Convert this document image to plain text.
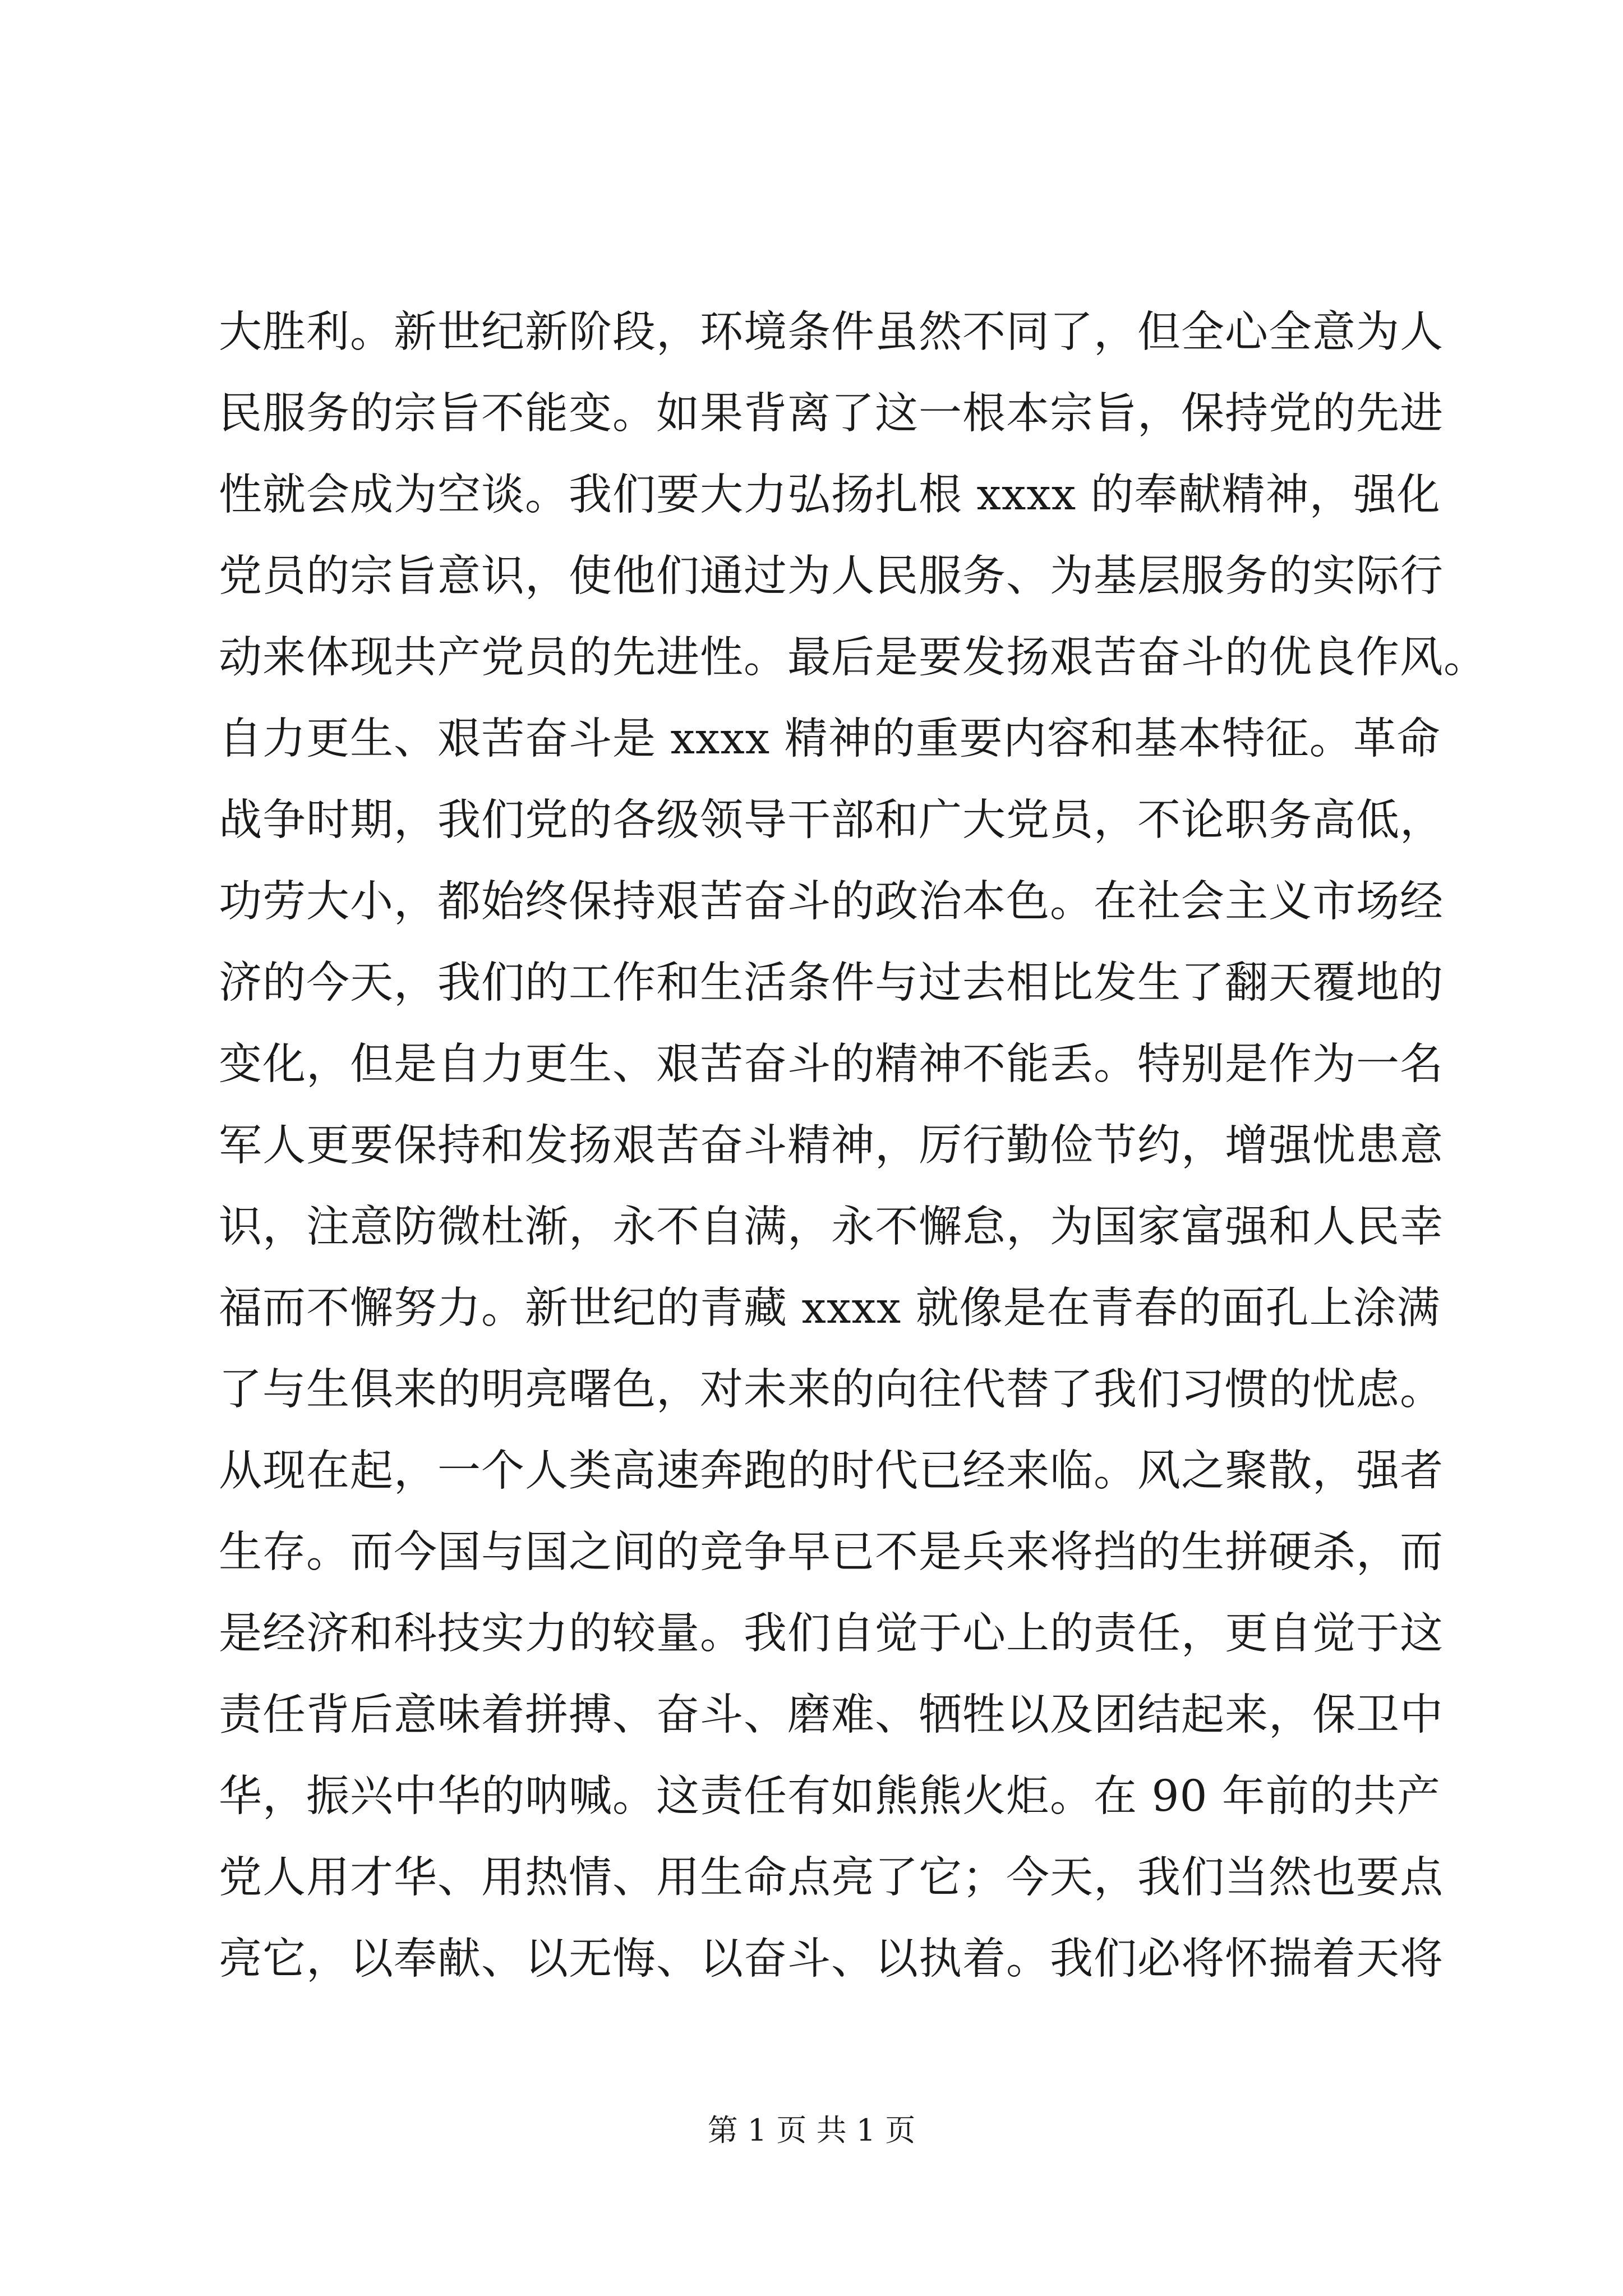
大胜利。新世纪新阶段，环境条件虽然不同了，但全心全意为人
民服务的宗旨不能变。如果背离了这一根本宗旨，保持党的先进
性就会成为空谈。我们要大力弘扬扎根 xxxx 的奉献精神，强化
党员的宗旨意识，使他们通过为人民服务、为基层服务的实际行
动来体现共产党员的先进性。最后是要发扬艰苦奋斗的优良作风。
自力更生、艰苦奋斗是 xxxx 精神的重要内容和基本特征。革命
战争时期，我们党的各级领导干部和广大党员，不论职务高低，
功劳大小，都始终保持艰苦奋斗的政治本色。在社会主义市场经
济的今天，我们的工作和生活条件与过去相比发生了翻天覆地的
变化，但是自力更生、艰苦奋斗的精神不能丢。特别是作为一名
军人更要保持和发扬艰苦奋斗精神，厉行勤俭节约，增强忧患意
识，注意防微杜渐，永不自满，永不懈怠，为国家富强和人民幸
福而不懈努力。新世纪的青藏 xxxx 就像是在青春的面孔上涂满
了与生俱来的明亮曙色，对未来的向往代替了我们习惯的忧虑。
从现在起，一个人类高速奔跑的时代已经来临。风之聚散，强者
生存。而今国与国之间的竞争早已不是兵来将挡的生拼硬杀，而
是经济和科技实力的较量。我们自觉于心上的责任，更自觉于这
责任背后意味着拼搏、奋斗、磨难、牺牲以及团结起来，保卫中
华，振兴中华的呐喊。这责任有如熊熊火炬。在 90 年前的共产
党人用才华、用热情、用生命点亮了它；今天，我们当然也要点
亮它，以奉献、以无悔、以奋斗、以执着。我们必将怀揣着天将
第 1 页 共 1 页
